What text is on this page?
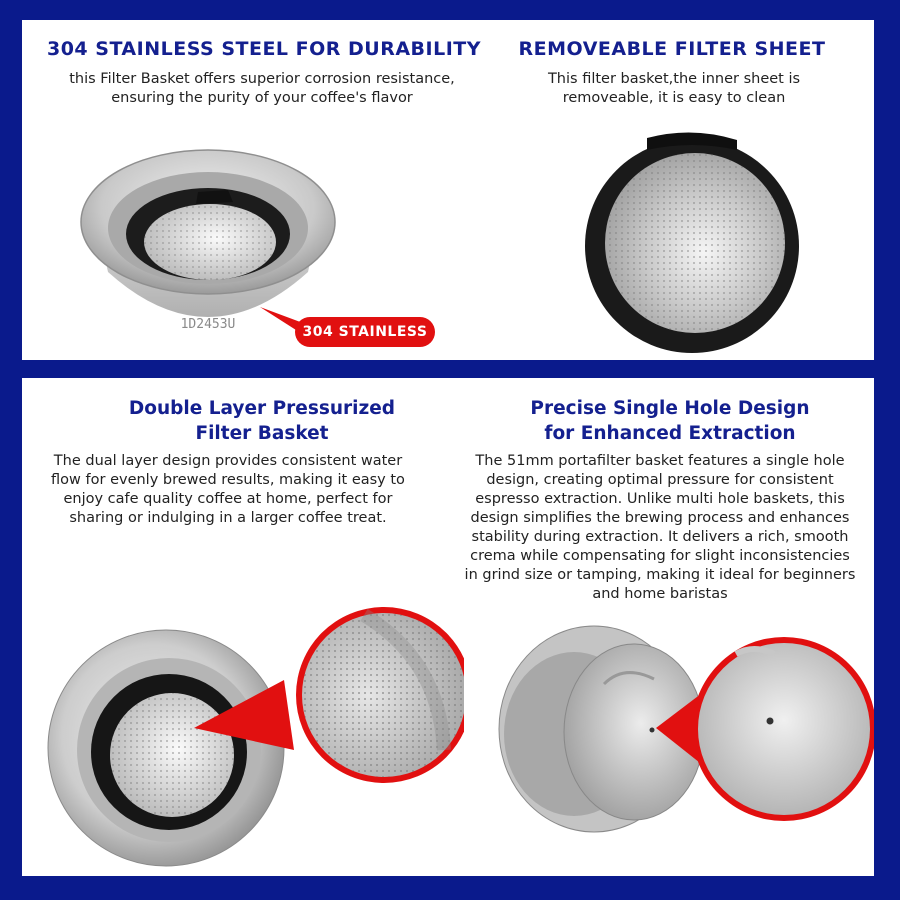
304 STAINLESS STEEL FOR DURABILITY

this Filter Basket offers superior corrosion resistance, ensuring the purity of your coffee's flavor

REMOVEABLE FILTER SHEET

This filter basket,the inner sheet is removeable, it is easy to clean

1D2453U	304 STAINLESS
Double Layer Pressurized
Filter Basket

The dual layer design provides consistent water flow for evenly brewed results, making it easy to enjoy cafe quality coffee at home, perfect for sharing or indulging in a larger coffee treat.

Precise Single Hole Design
for Enhanced Extraction

The 51mm portafilter basket features a single hole design, creating optimal pressure for consistent espresso extraction. Unlike multi hole baskets, this design simplifies the brewing process and enhances stability during extraction. It delivers a rich, smooth crema while compensating for slight inconsistencies in grind size or tamping, making it ideal for beginners and home baristas
